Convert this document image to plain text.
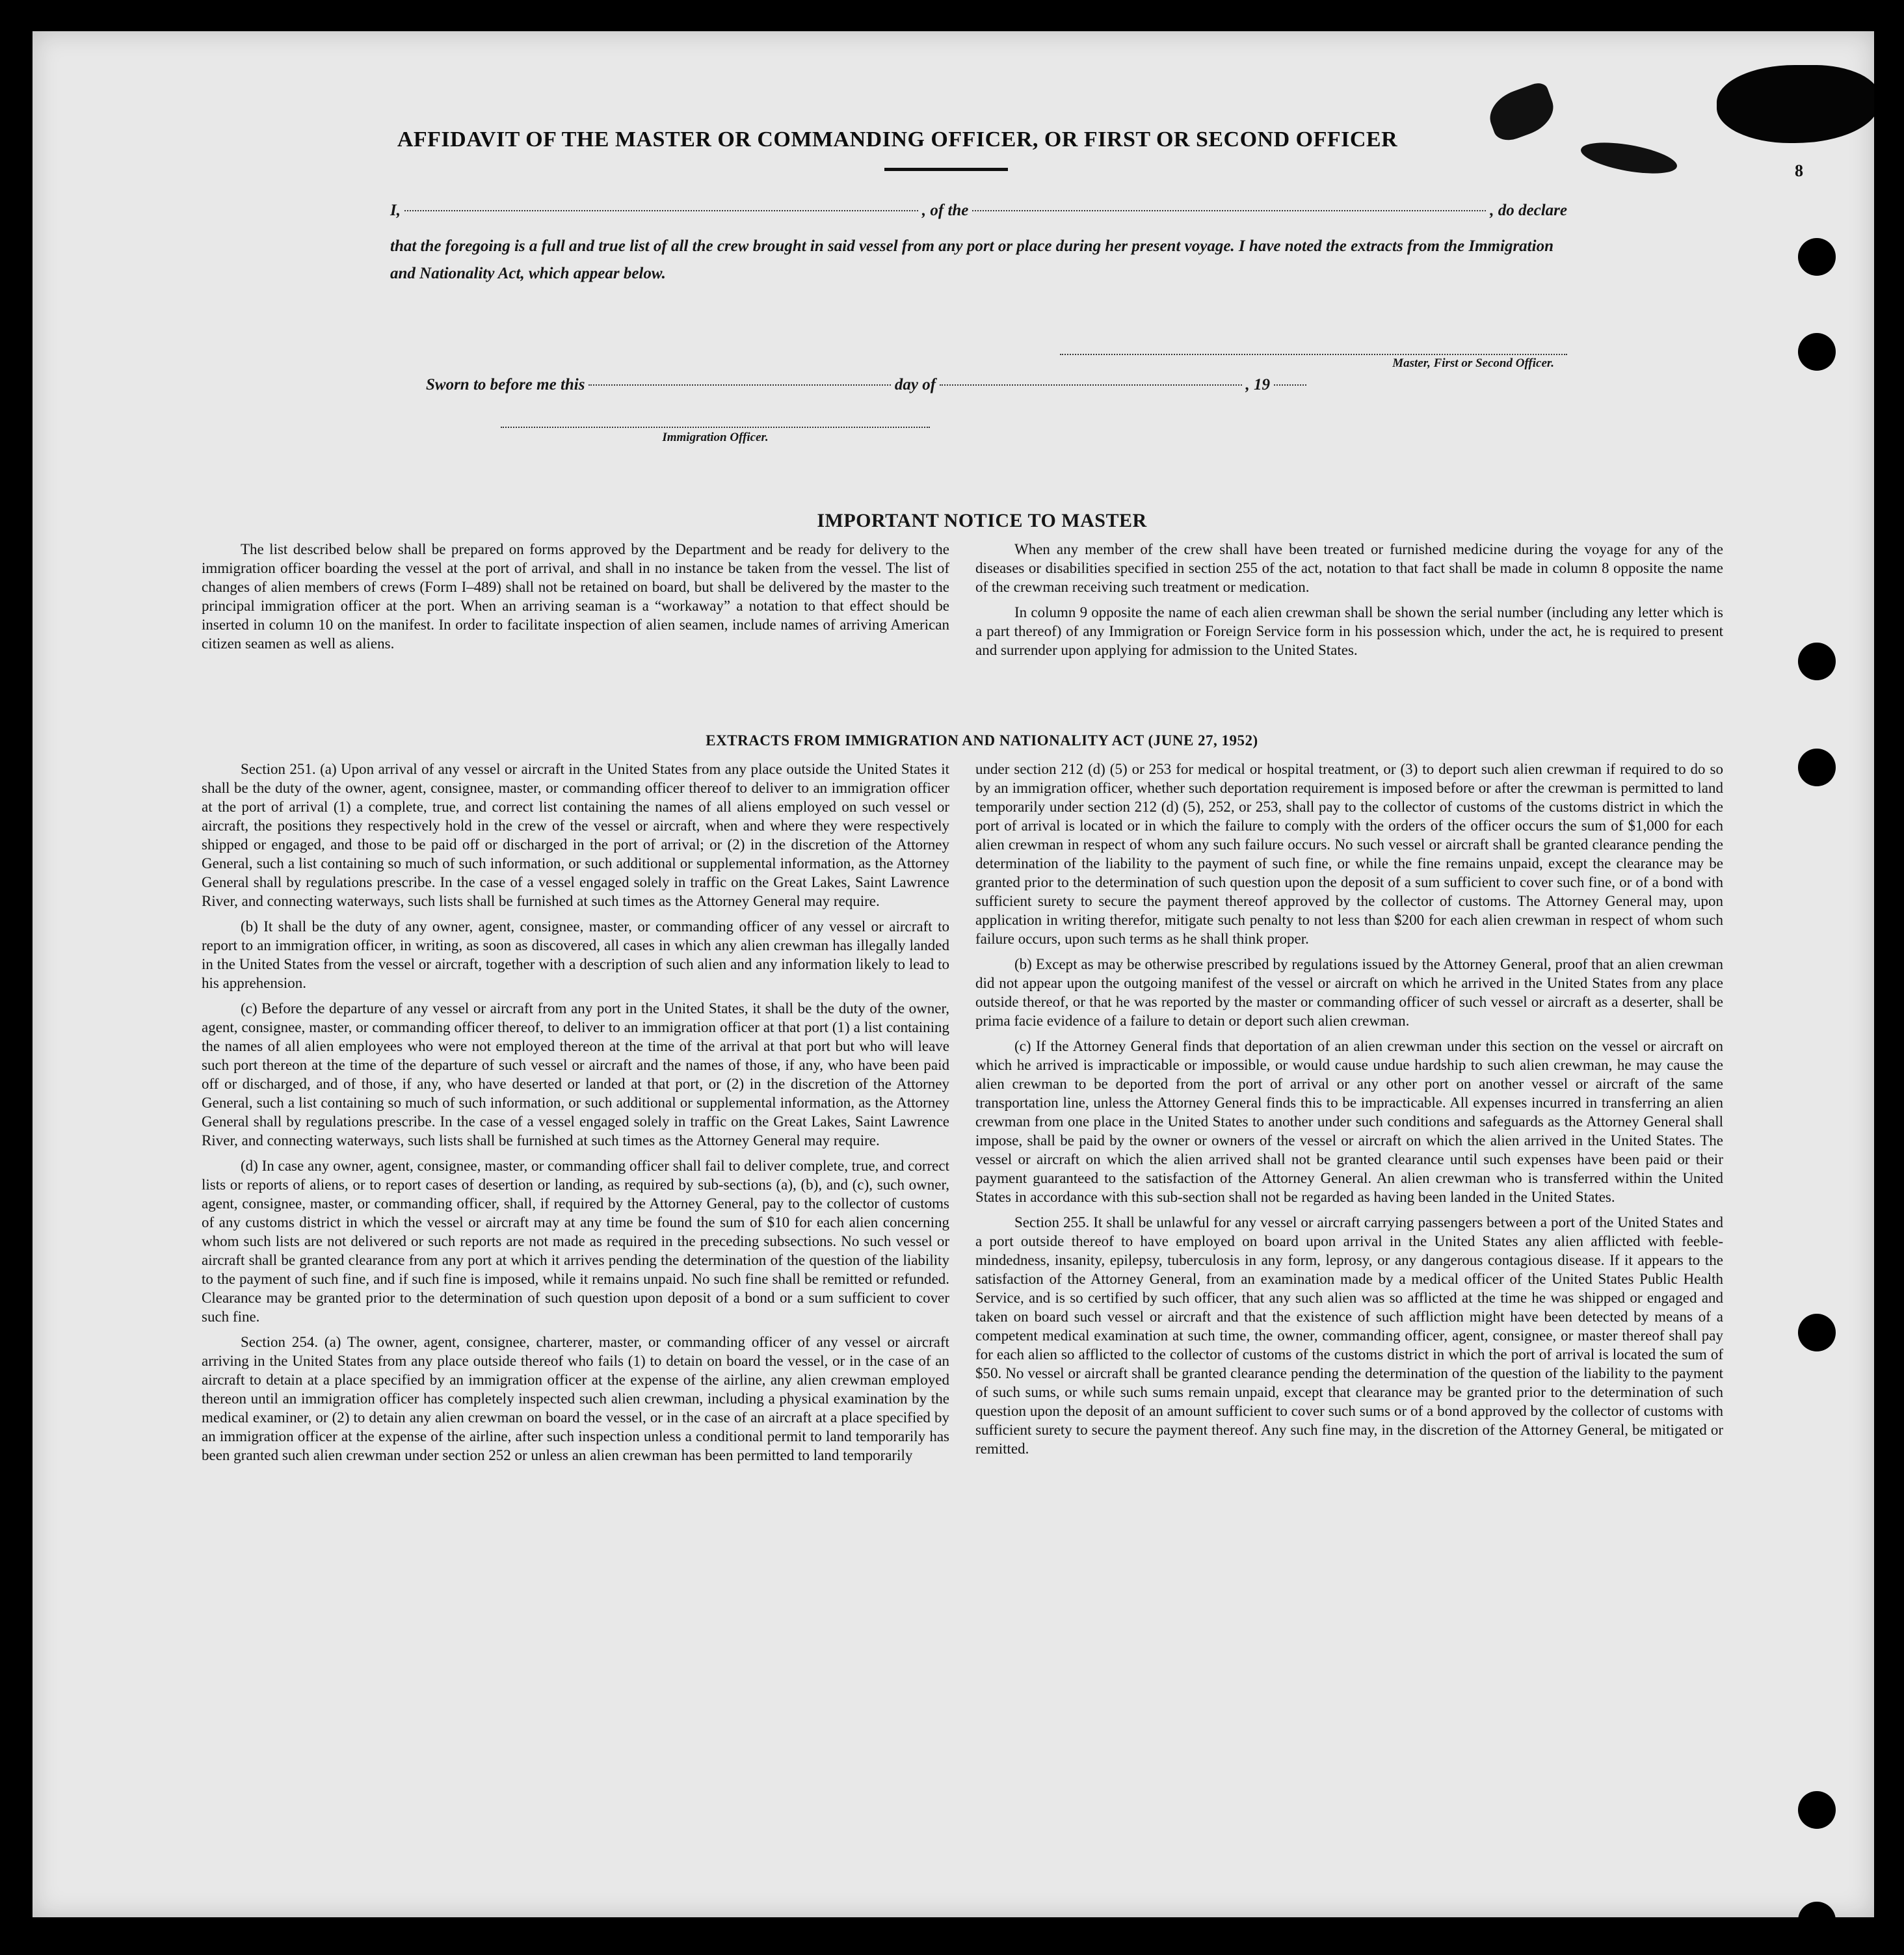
8
AFFIDAVIT OF THE MASTER OR COMMANDING OFFICER, OR FIRST OR SECOND OFFICER
I,	, of the	, do declare
that the foregoing is a full and true list of all the crew brought in said vessel from any port or place during her present voyage. I have noted the extracts from the Immigration and Nationality Act, which appear below.
Master, First or Second Officer.
Sworn to before me this	day of	, 19
Immigration Officer.
IMPORTANT NOTICE TO MASTER

The list described below shall be prepared on forms approved by the Department and be ready for delivery to the immigration officer boarding the vessel at the port of arrival, and shall in no instance be taken from the vessel. The list of changes of alien members of crews (Form I–489) shall not be retained on board, but shall be delivered by the master to the principal immigration officer at the port. When an arriving seaman is a “workaway” a notation to that effect should be inserted in column 10 on the manifest. In order to facilitate inspection of alien seamen, include names of arriving American citizen seamen as well as aliens.

When any member of the crew shall have been treated or furnished medicine during the voyage for any of the diseases or disabilities specified in section 255 of the act, notation to that fact shall be made in column 8 opposite the name of the crewman receiving such treatment or medication.

In column 9 opposite the name of each alien crewman shall be shown the serial number (including any letter which is a part thereof) of any Immigration or Foreign Service form in his possession which, under the act, he is required to present and surrender upon applying for admission to the United States.

EXTRACTS FROM IMMIGRATION AND NATIONALITY ACT (JUNE 27, 1952)

Section 251. (a) Upon arrival of any vessel or aircraft in the United States from any place outside the United States it shall be the duty of the owner, agent, consignee, master, or commanding officer thereof to deliver to an immigration officer at the port of arrival (1) a complete, true, and correct list containing the names of all aliens employed on such vessel or aircraft, the positions they respectively hold in the crew of the vessel or aircraft, when and where they were respectively shipped or engaged, and those to be paid off or discharged in the port of arrival; or (2) in the discretion of the Attorney General, such a list containing so much of such information, or such additional or supplemental information, as the Attorney General shall by regulations prescribe. In the case of a vessel engaged solely in traffic on the Great Lakes, Saint Lawrence River, and connecting waterways, such lists shall be furnished at such times as the Attorney General may require.

(b) It shall be the duty of any owner, agent, consignee, master, or commanding officer of any vessel or aircraft to report to an immigration officer, in writing, as soon as discovered, all cases in which any alien crewman has illegally landed in the United States from the vessel or aircraft, together with a description of such alien and any information likely to lead to his apprehension.

(c) Before the departure of any vessel or aircraft from any port in the United States, it shall be the duty of the owner, agent, consignee, master, or commanding officer thereof, to deliver to an immigration officer at that port (1) a list containing the names of all alien employees who were not employed thereon at the time of the arrival at that port but who will leave such port thereon at the time of the departure of such vessel or aircraft and the names of those, if any, who have been paid off or discharged, and of those, if any, who have deserted or landed at that port, or (2) in the discretion of the Attorney General, such a list containing so much of such information, or such additional or supplemental information, as the Attorney General shall by regulations prescribe. In the case of a vessel engaged solely in traffic on the Great Lakes, Saint Lawrence River, and connecting waterways, such lists shall be furnished at such times as the Attorney General may require.

(d) In case any owner, agent, consignee, master, or commanding officer shall fail to deliver complete, true, and correct lists or reports of aliens, or to report cases of desertion or landing, as required by sub-sections (a), (b), and (c), such owner, agent, consignee, master, or commanding officer, shall, if required by the Attorney General, pay to the collector of customs of any customs district in which the vessel or aircraft may at any time be found the sum of $10 for each alien concerning whom such lists are not delivered or such reports are not made as required in the preceding subsections. No such vessel or aircraft shall be granted clearance from any port at which it arrives pending the determination of the question of the liability to the payment of such fine, and if such fine is imposed, while it remains unpaid. No such fine shall be remitted or refunded. Clearance may be granted prior to the determination of such question upon deposit of a bond or a sum sufficient to cover such fine.

Section 254. (a) The owner, agent, consignee, charterer, master, or commanding officer of any vessel or aircraft arriving in the United States from any place outside thereof who fails (1) to detain on board the vessel, or in the case of an aircraft to detain at a place specified by an immigration officer at the expense of the airline, any alien crewman employed thereon until an immigration officer has completely inspected such alien crewman, including a physical examination by the medical examiner, or (2) to detain any alien crewman on board the vessel, or in the case of an aircraft at a place specified by an immigration officer at the expense of the airline, after such inspection unless a conditional permit to land temporarily has been granted such alien crewman under section 252 or unless an alien crewman has been permitted to land temporarily

under section 212 (d) (5) or 253 for medical or hospital treatment, or (3) to deport such alien crewman if required to do so by an immigration officer, whether such deportation requirement is imposed before or after the crewman is permitted to land temporarily under section 212 (d) (5), 252, or 253, shall pay to the collector of customs of the customs district in which the port of arrival is located or in which the failure to comply with the orders of the officer occurs the sum of $1,000 for each alien crewman in respect of whom any such failure occurs. No such vessel or aircraft shall be granted clearance pending the determination of the liability to the payment of such fine, or while the fine remains unpaid, except the clearance may be granted prior to the determination of such question upon the deposit of a sum sufficient to cover such fine, or of a bond with sufficient surety to secure the payment thereof approved by the collector of customs. The Attorney General may, upon application in writing therefor, mitigate such penalty to not less than $200 for each alien crewman in respect of whom such failure occurs, upon such terms as he shall think proper.

(b) Except as may be otherwise prescribed by regulations issued by the Attorney General, proof that an alien crewman did not appear upon the outgoing manifest of the vessel or aircraft on which he arrived in the United States from any place outside thereof, or that he was reported by the master or commanding officer of such vessel or aircraft as a deserter, shall be prima facie evidence of a failure to detain or deport such alien crewman.

(c) If the Attorney General finds that deportation of an alien crewman under this section on the vessel or aircraft on which he arrived is impracticable or impossible, or would cause undue hardship to such alien crewman, he may cause the alien crewman to be deported from the port of arrival or any other port on another vessel or aircraft of the same transportation line, unless the Attorney General finds this to be impracticable. All expenses incurred in transferring an alien crewman from one place in the United States to another under such conditions and safeguards as the Attorney General shall impose, shall be paid by the owner or owners of the vessel or aircraft on which the alien arrived in the United States. The vessel or aircraft on which the alien arrived shall not be granted clearance until such expenses have been paid or their payment guaranteed to the satisfaction of the Attorney General. An alien crewman who is transferred within the United States in accordance with this sub-section shall not be regarded as having been landed in the United States.

Section 255. It shall be unlawful for any vessel or aircraft carrying passengers between a port of the United States and a port outside thereof to have employed on board upon arrival in the United States any alien afflicted with feeble-mindedness, insanity, epilepsy, tuberculosis in any form, leprosy, or any dangerous contagious disease. If it appears to the satisfaction of the Attorney General, from an examination made by a medical officer of the United States Public Health Service, and is so certified by such officer, that any such alien was so afflicted at the time he was shipped or engaged and taken on board such vessel or aircraft and that the existence of such affliction might have been detected by means of a competent medical examination at such time, the owner, commanding officer, agent, consignee, or master thereof shall pay for each alien so afflicted to the collector of customs of the customs district in which the port of arrival is located the sum of $50. No vessel or aircraft shall be granted clearance pending the determination of the question of the liability to the payment of such sums, or while such sums remain unpaid, except that clearance may be granted prior to the determination of such question upon the deposit of an amount sufficient to cover such sums or of a bond approved by the collector of customs with sufficient surety to secure the payment thereof. Any such fine may, in the discretion of the Attorney General, be mitigated or remitted.
